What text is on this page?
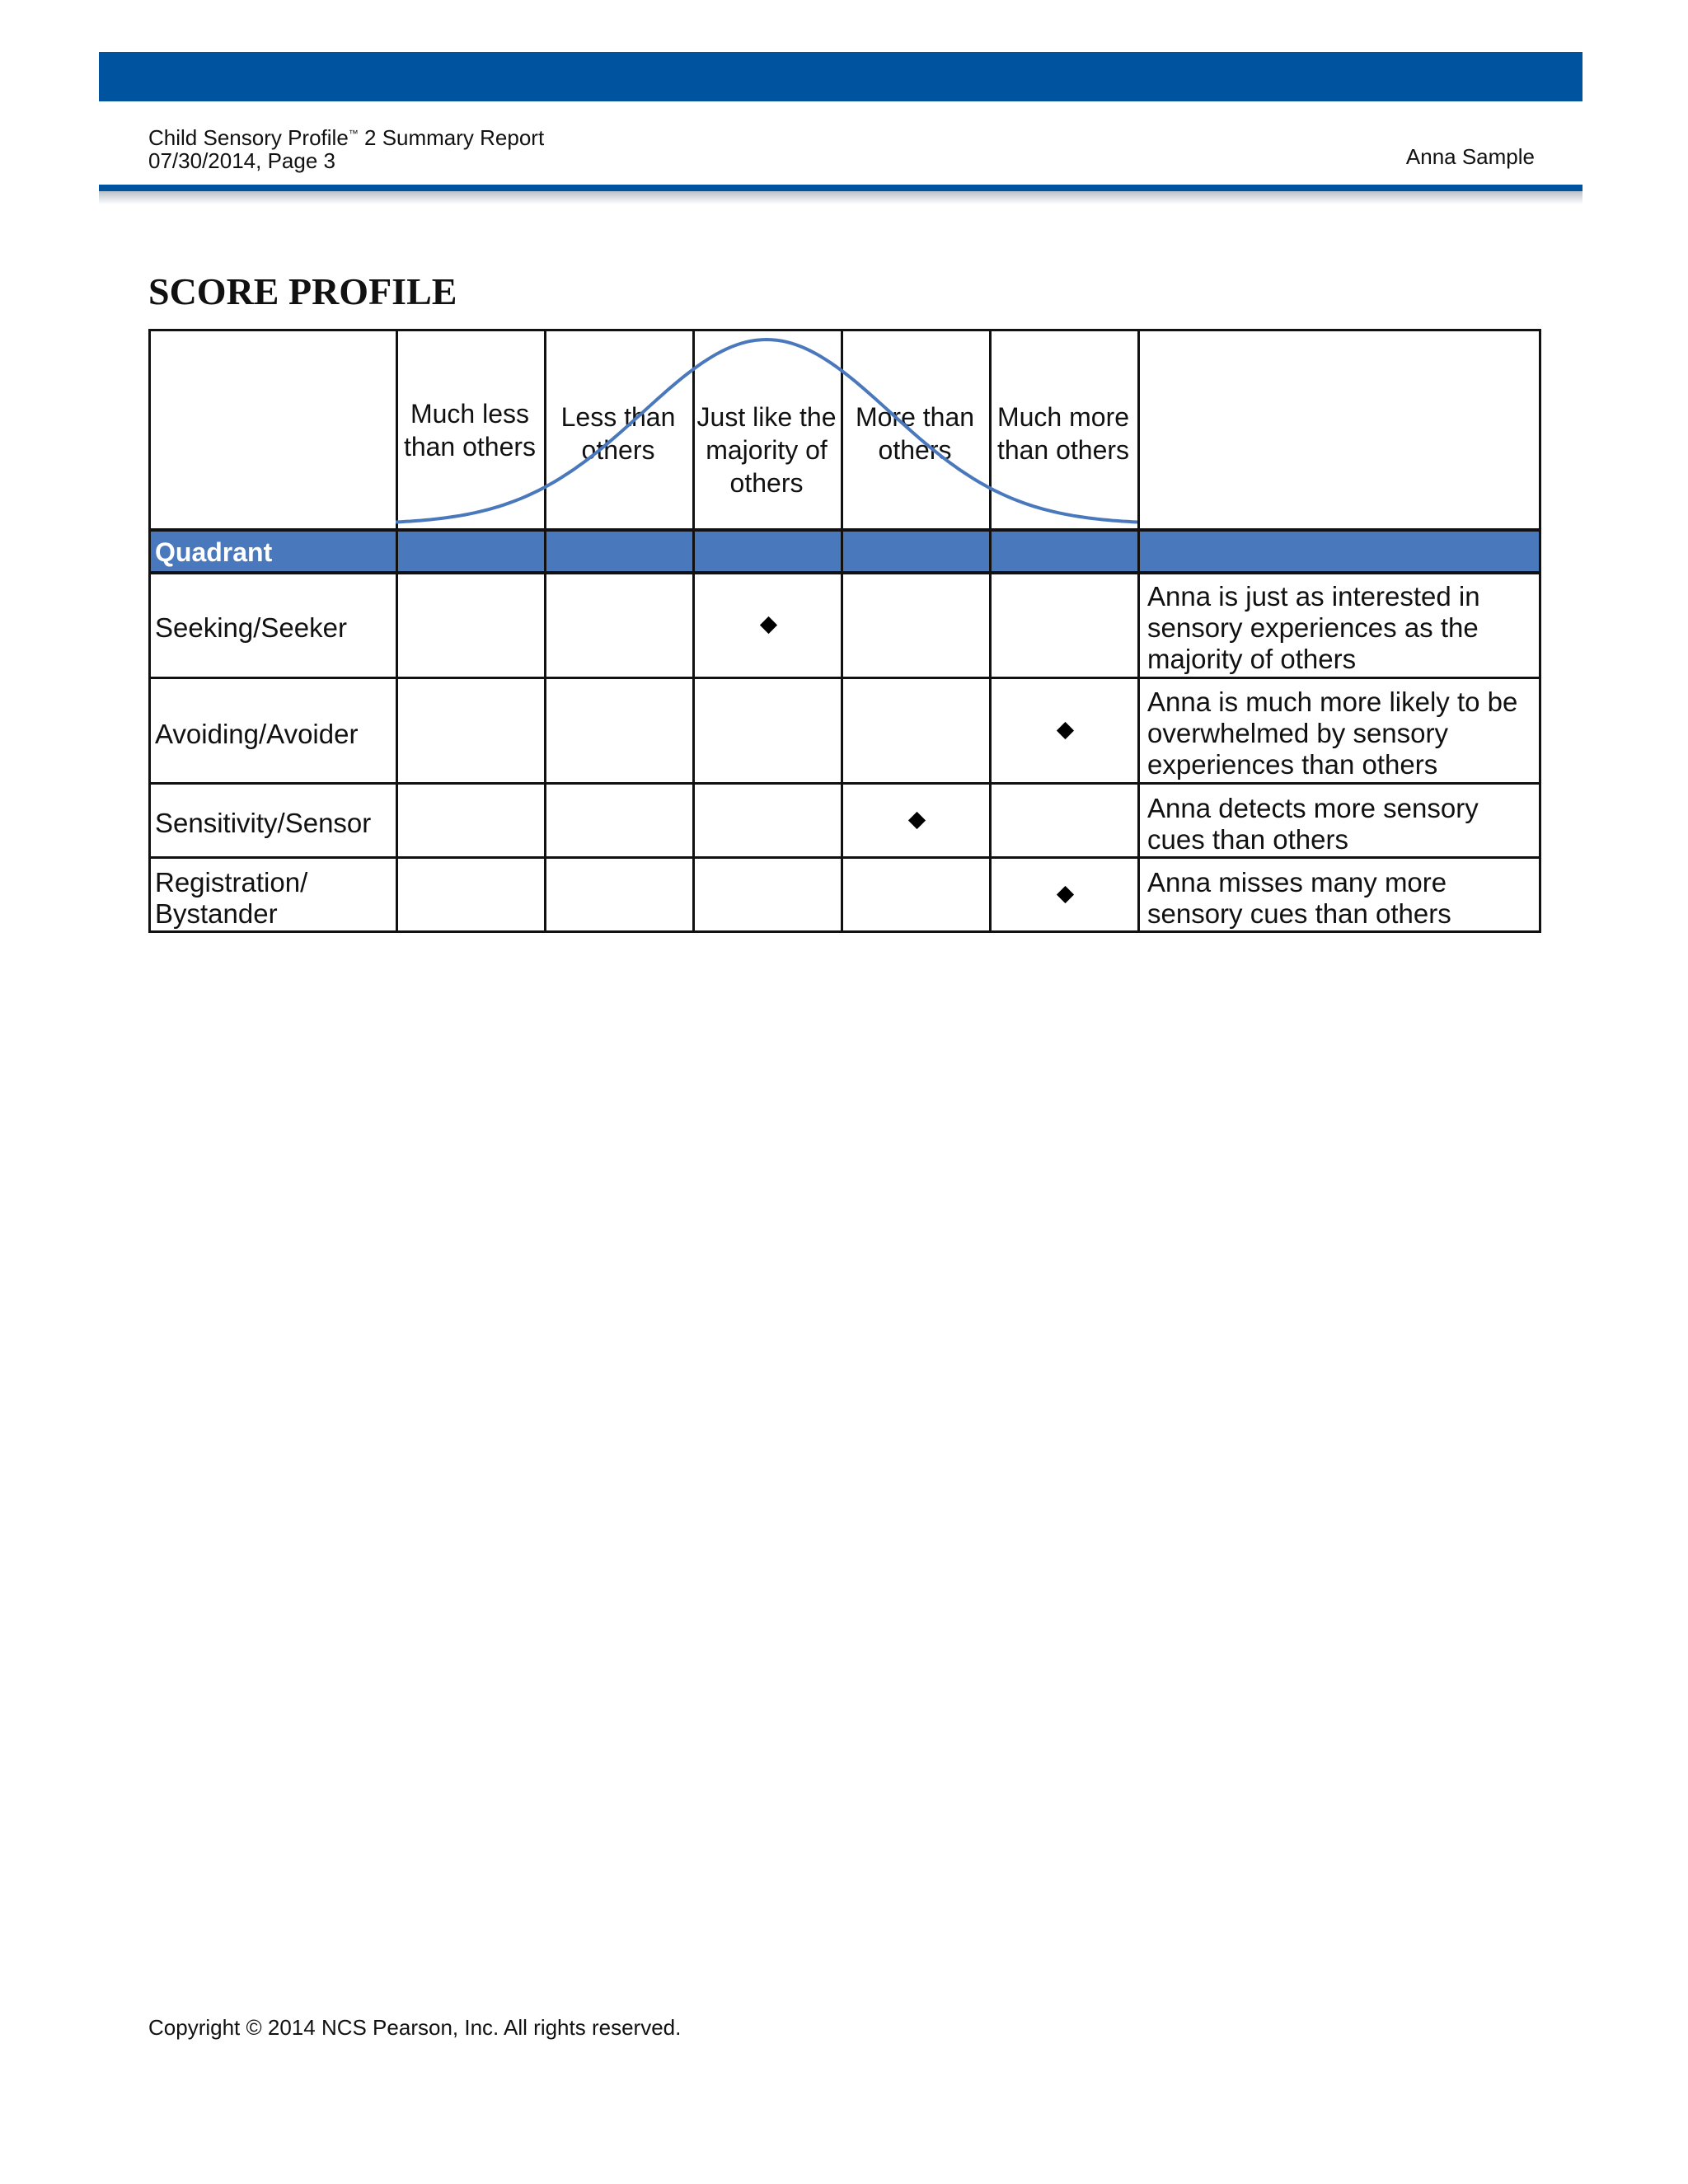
Child Sensory Profile™ 2 Summary Report
07/30/2014, Page 3	Anna Sample
SCORE PROFILE
Quadrant
Much less than others
Less than others
Just like the majority of others
More than others
Much more than others
Seeking/Seeker
Anna is just as interested in sensory experiences as the majority of others
Avoiding/Avoider
Anna is much more likely to be overwhelmed by sensory experiences than others
Sensitivity/Sensor	Anna detects more sensory cues than others
Registration/ Bystander
Anna misses many more sensory cues than others
Copyright © 2014 NCS Pearson, Inc. All rights reserved.
